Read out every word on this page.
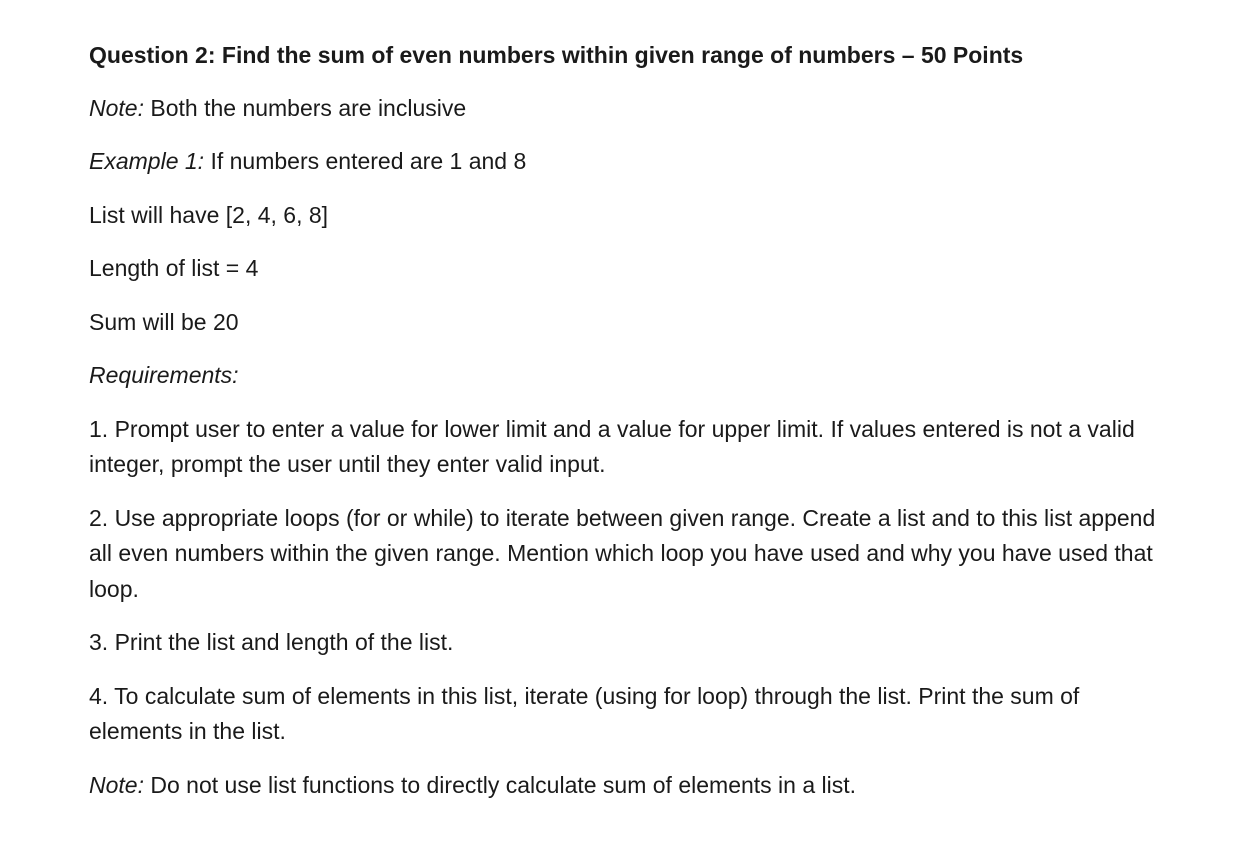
Question 2: Find the sum of even numbers within given range of numbers – 50 Points
Note: Both the numbers are inclusive
Example 1: If numbers entered are 1 and 8
List will have [2, 4, 6, 8]
Length of list = 4
Sum will be 20
Requirements:
1. Prompt user to enter a value for lower limit and a value for upper limit. If values entered is not a valid integer, prompt the user until they enter valid input.
2. Use appropriate loops (for or while) to iterate between given range. Create a list and to this list append all even numbers within the given range. Mention which loop you have used and why you have used that loop.
3. Print the list and length of the list.
4. To calculate sum of elements in this list, iterate (using for loop) through the list. Print the sum of elements in the list.
Note: Do not use list functions to directly calculate sum of elements in a list.
